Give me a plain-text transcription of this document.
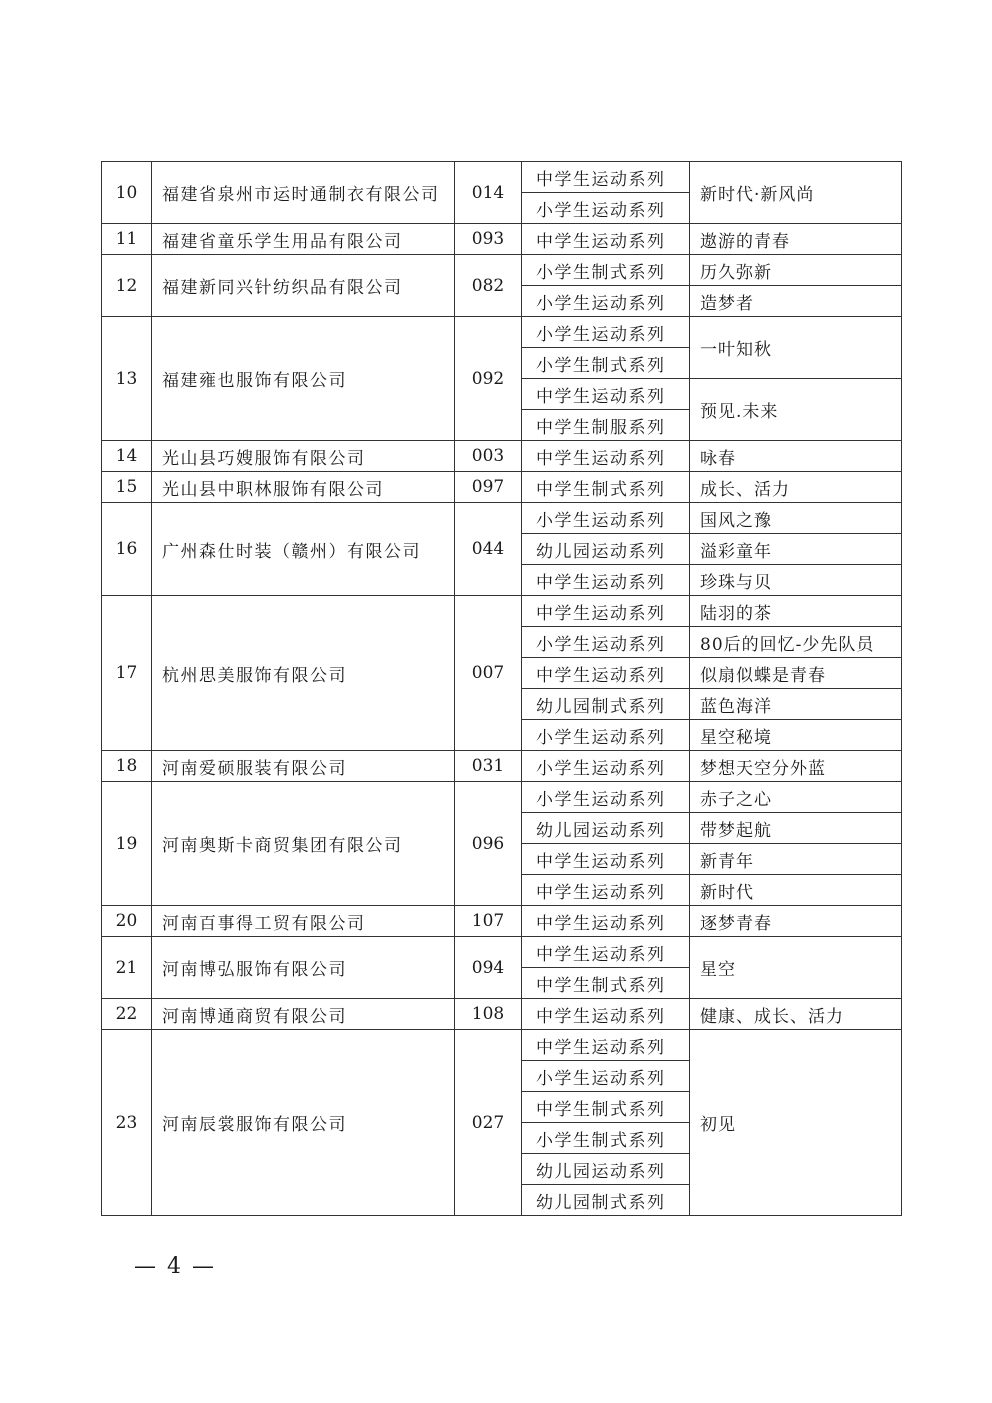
10	福建省泉州市运时通制衣有限公司	014	中学生运动系列	新时代·新风尚
			小学生运动系列	
11	福建省童乐学生用品有限公司	093	中学生运动系列	遨游的青春
12	福建新同兴针纺织品有限公司	082	小学生制式系列	历久弥新
			小学生运动系列	造梦者
13	福建雍也服饰有限公司	092	小学生运动系列	一叶知秋
			小学生制式系列	
			中学生运动系列	预见.未来
			中学生制服系列	
14	光山县巧嫂服饰有限公司	003	中学生运动系列	咏春
15	光山县中职林服饰有限公司	097	中学生制式系列	成长、活力
16	广州森仕时装（赣州）有限公司	044	小学生运动系列	国风之豫
			幼儿园运动系列	溢彩童年
			中学生运动系列	珍珠与贝
17	杭州思美服饰有限公司	007	中学生运动系列	陆羽的茶
			小学生运动系列	80后的回忆-少先队员
			中学生运动系列	似扇似蝶是青春
			幼儿园制式系列	蓝色海洋
			小学生运动系列	星空秘境
18	河南爱硕服装有限公司	031	小学生运动系列	梦想天空分外蓝
19	河南奥斯卡商贸集团有限公司	096	小学生运动系列	赤子之心
			幼儿园运动系列	带梦起航
			中学生运动系列	新青年
			中学生运动系列	新时代
20	河南百事得工贸有限公司	107	中学生运动系列	逐梦青春
21	河南博弘服饰有限公司	094	中学生运动系列	星空
			中学生制式系列	
22	河南博通商贸有限公司	108	中学生运动系列	健康、成长、活力
23	河南辰裳服饰有限公司	027	中学生运动系列	初见
			小学生运动系列	
			中学生制式系列	
			小学生制式系列	
			幼儿园运动系列	
			幼儿园制式系列	
— 4 —
